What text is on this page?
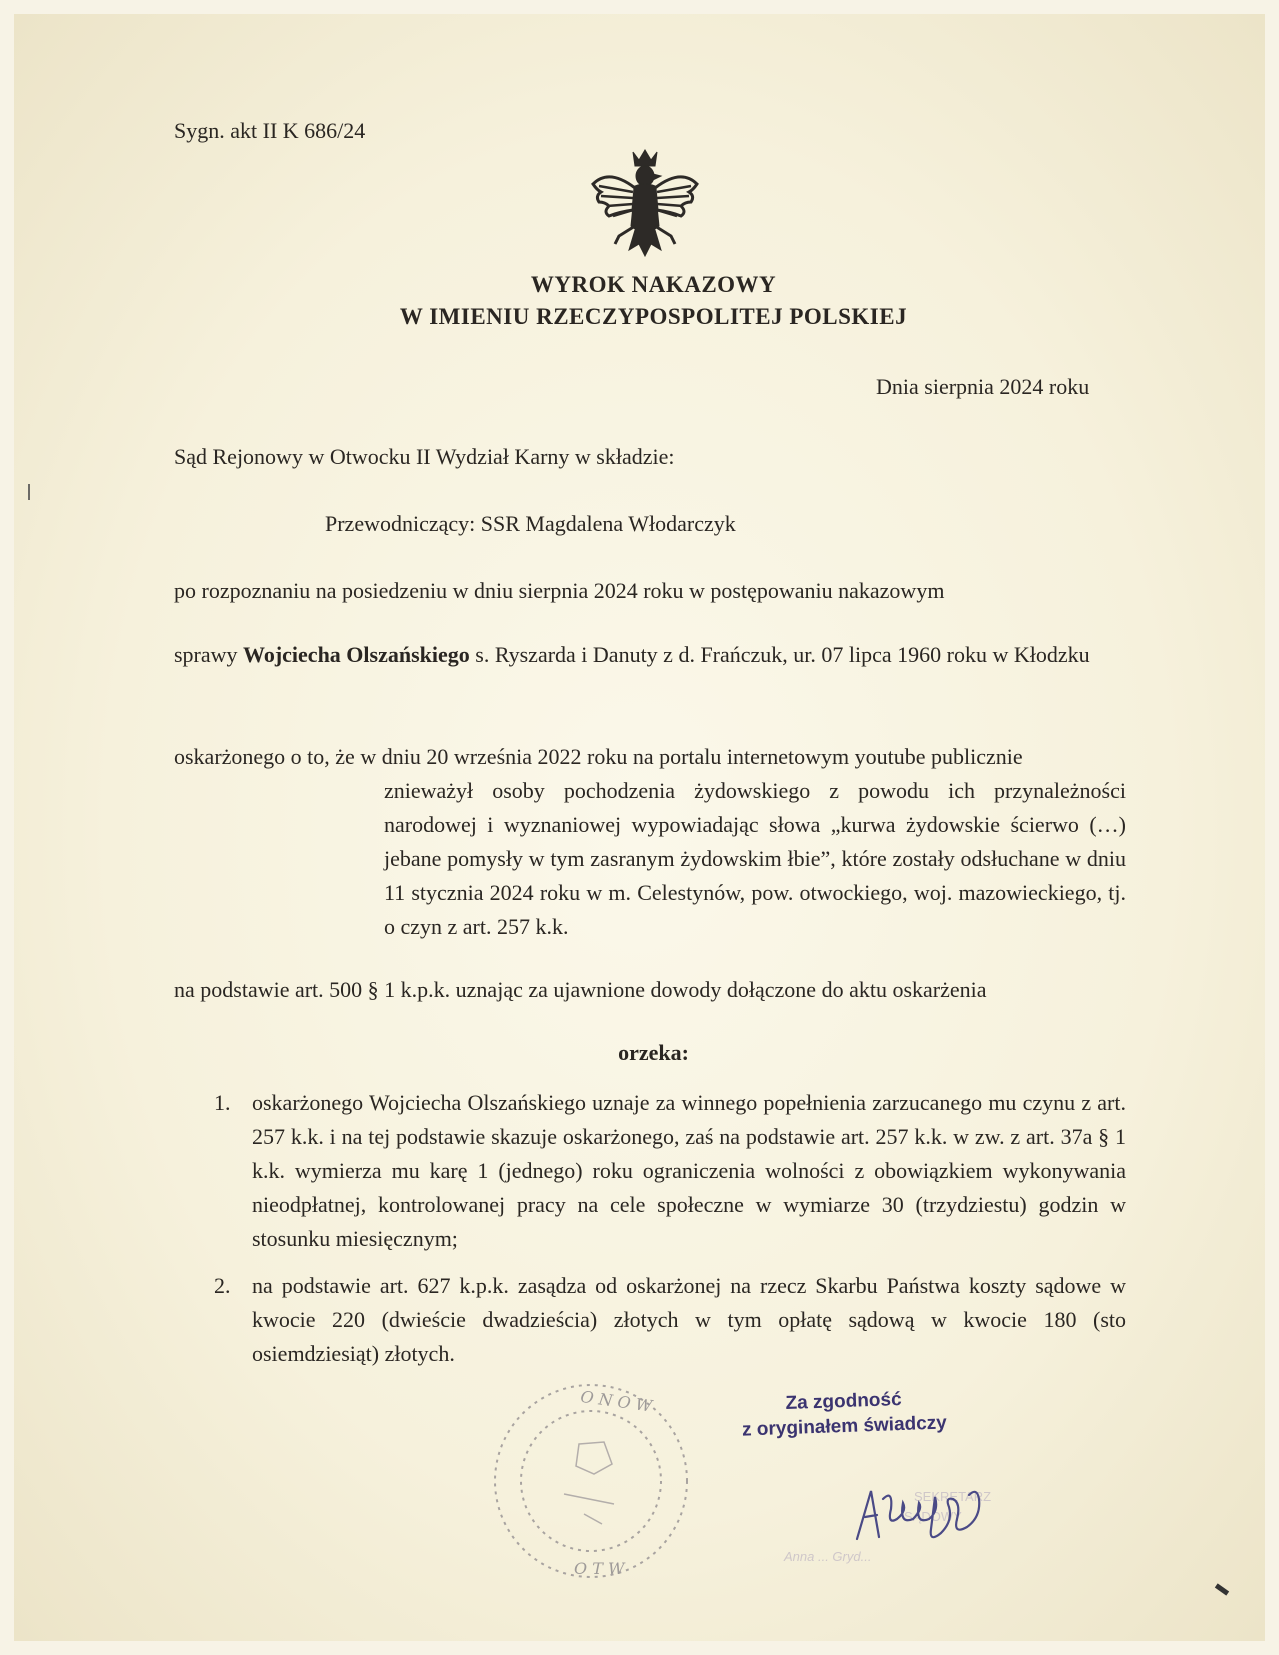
Sygn. akt II K 686/24
WYROK NAKAZOWY
W IMIENIU RZECZYPOSPOLITEJ POLSKIEJ
Dnia sierpnia 2024 roku
Sąd Rejonowy w Otwocku II Wydział Karny w składzie:
Przewodniczący: SSR Magdalena Włodarczyk
po rozpoznaniu na posiedzeniu w dniu sierpnia 2024 roku w postępowaniu nakazowym
sprawy Wojciecha Olszańskiego s. Ryszarda i Danuty z d. Frańczuk, ur. 07 lipca 1960 roku w Kłodzku
oskarżonego o to, że w dniu 20 września 2022 roku na portalu internetowym youtube publicznie
znieważył osoby pochodzenia żydowskiego z powodu ich przynależności narodowej i wyznaniowej wypowiadając słowa „kurwa żydowskie ścierwo (…) jebane pomysły w tym zasranym żydowskim łbie”, które zostały odsłuchane w dniu 11 stycznia 2024 roku w m. Celestynów, pow. otwockiego, woj. mazowieckiego, tj. o czyn z art. 257 k.k.
na podstawie art. 500 § 1 k.p.k. uznając za ujawnione dowody dołączone do aktu oskarżenia
orzeka:
1. oskarżonego Wojciecha Olszańskiego uznaje za winnego popełnienia zarzucanego mu czynu z art. 257 k.k. i na tej podstawie skazuje oskarżonego, zaś na podstawie art. 257 k.k. w zw. z art. 37a § 1 k.k. wymierza mu karę 1 (jednego) roku ograniczenia wolności z obowiązkiem wykonywania nieodpłatnej, kontrolowanej pracy na cele społeczne w wymiarze 30 (trzydziestu) godzin w stosunku miesięcznym;
2. na podstawie art. 627 k.p.k. zasądza od oskarżonej na rzecz Skarbu Państwa koszty sądowe w kwocie 220 (dwieście dwadzieścia) złotych w tym opłatę sądową w kwocie 180 (sto osiemdziesiąt) złotych.
O N O W
O T W
SEKRETARZ
SĄDOWY
Anna ... Gryd...
Za zgodność
z oryginałem świadczy
